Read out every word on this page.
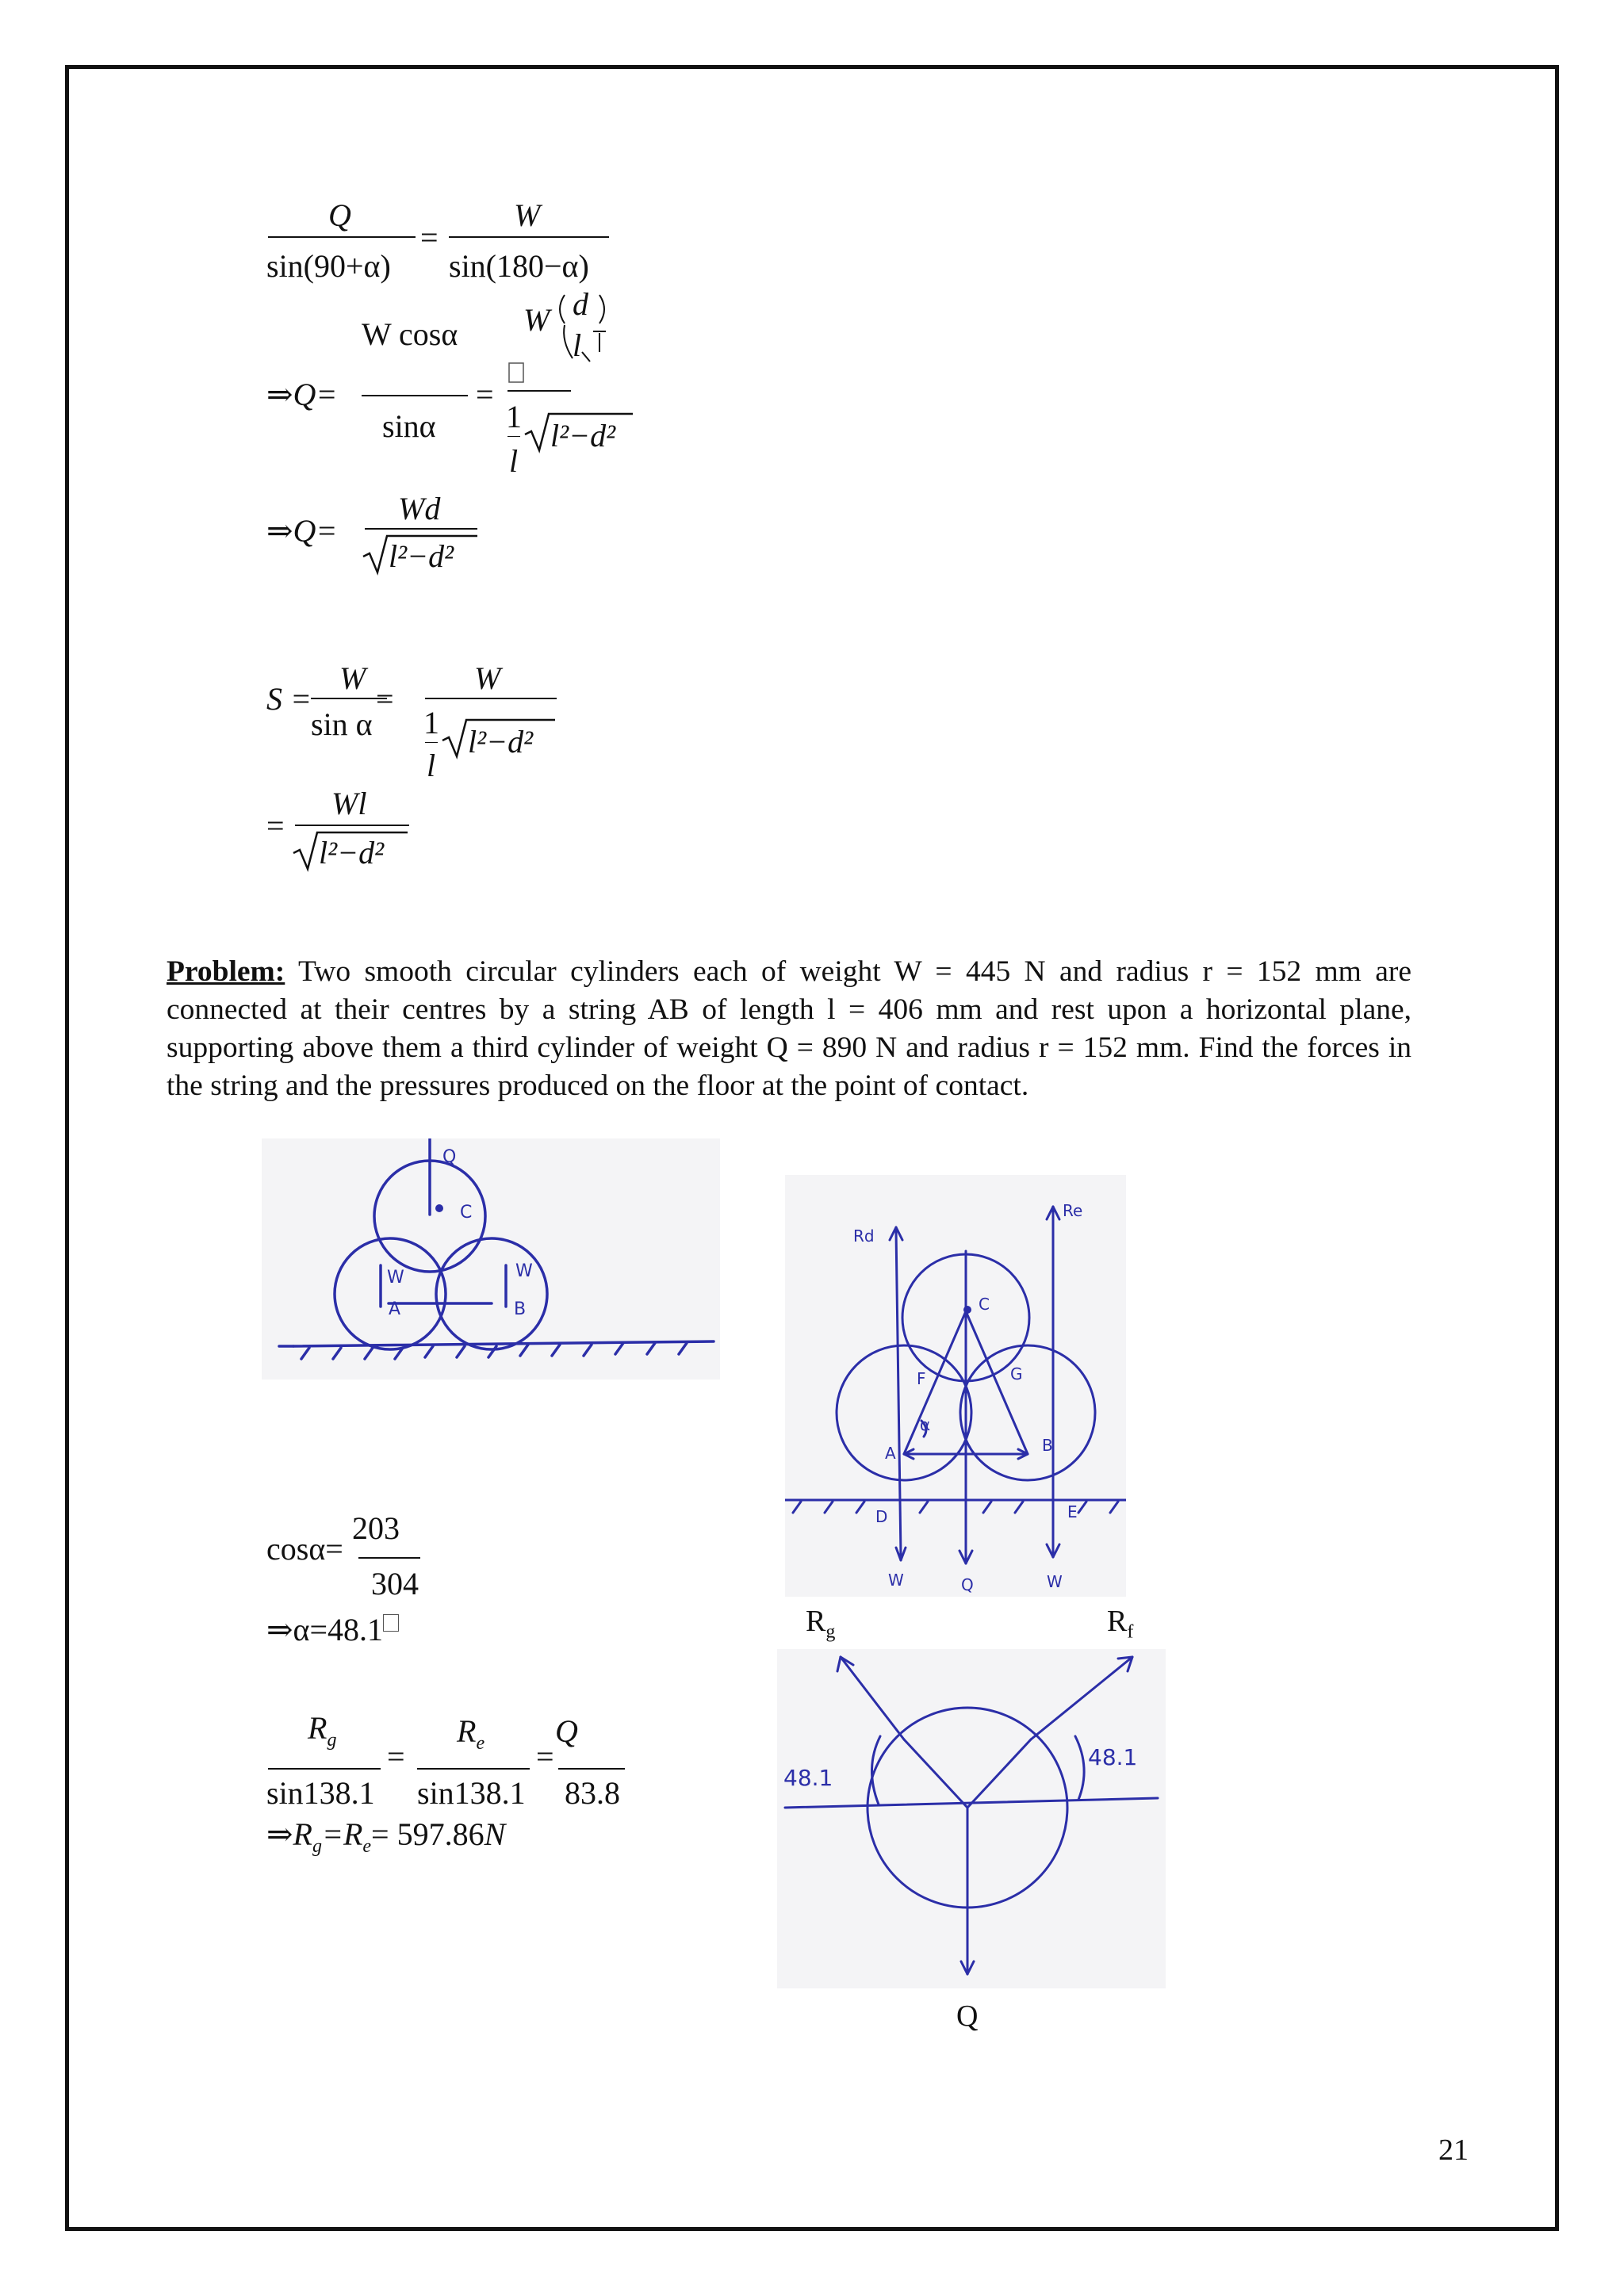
Q
sin(90+α)
=
W
sin(180−α)
⇒Q=
W cosα
sinα
=
W d
l
1
l
l²−d²
⇒Q=
Wd
l²−d²
S =
W
sin α
=
W
1
l
l²−d²
=
Wl
l²−d²
Problem: Two smooth circular cylinders each of weight W = 445 N and radius r = 152 mm are connected at their centres by a string AB of length l = 406 mm and rest upon a horizontal plane, supporting above them a third cylinder of weight Q = 890 N and radius r = 152 mm. Find the forces in the string and the pressures produced on the floor at the point of contact.
Q
C
W	W
A	B
Rd
Re
C
F	G
α
A	B
D	E
W	Q	W
$R_g$	$R_f$
48.1
48.1
Q
203
cosα=
304
⇒α=48.1
$R_g$
sin138.1
=
$R_e$
sin138.1
=
Q
83.8
$\Rightarrow R_g=R_e= 597.86N$
21
